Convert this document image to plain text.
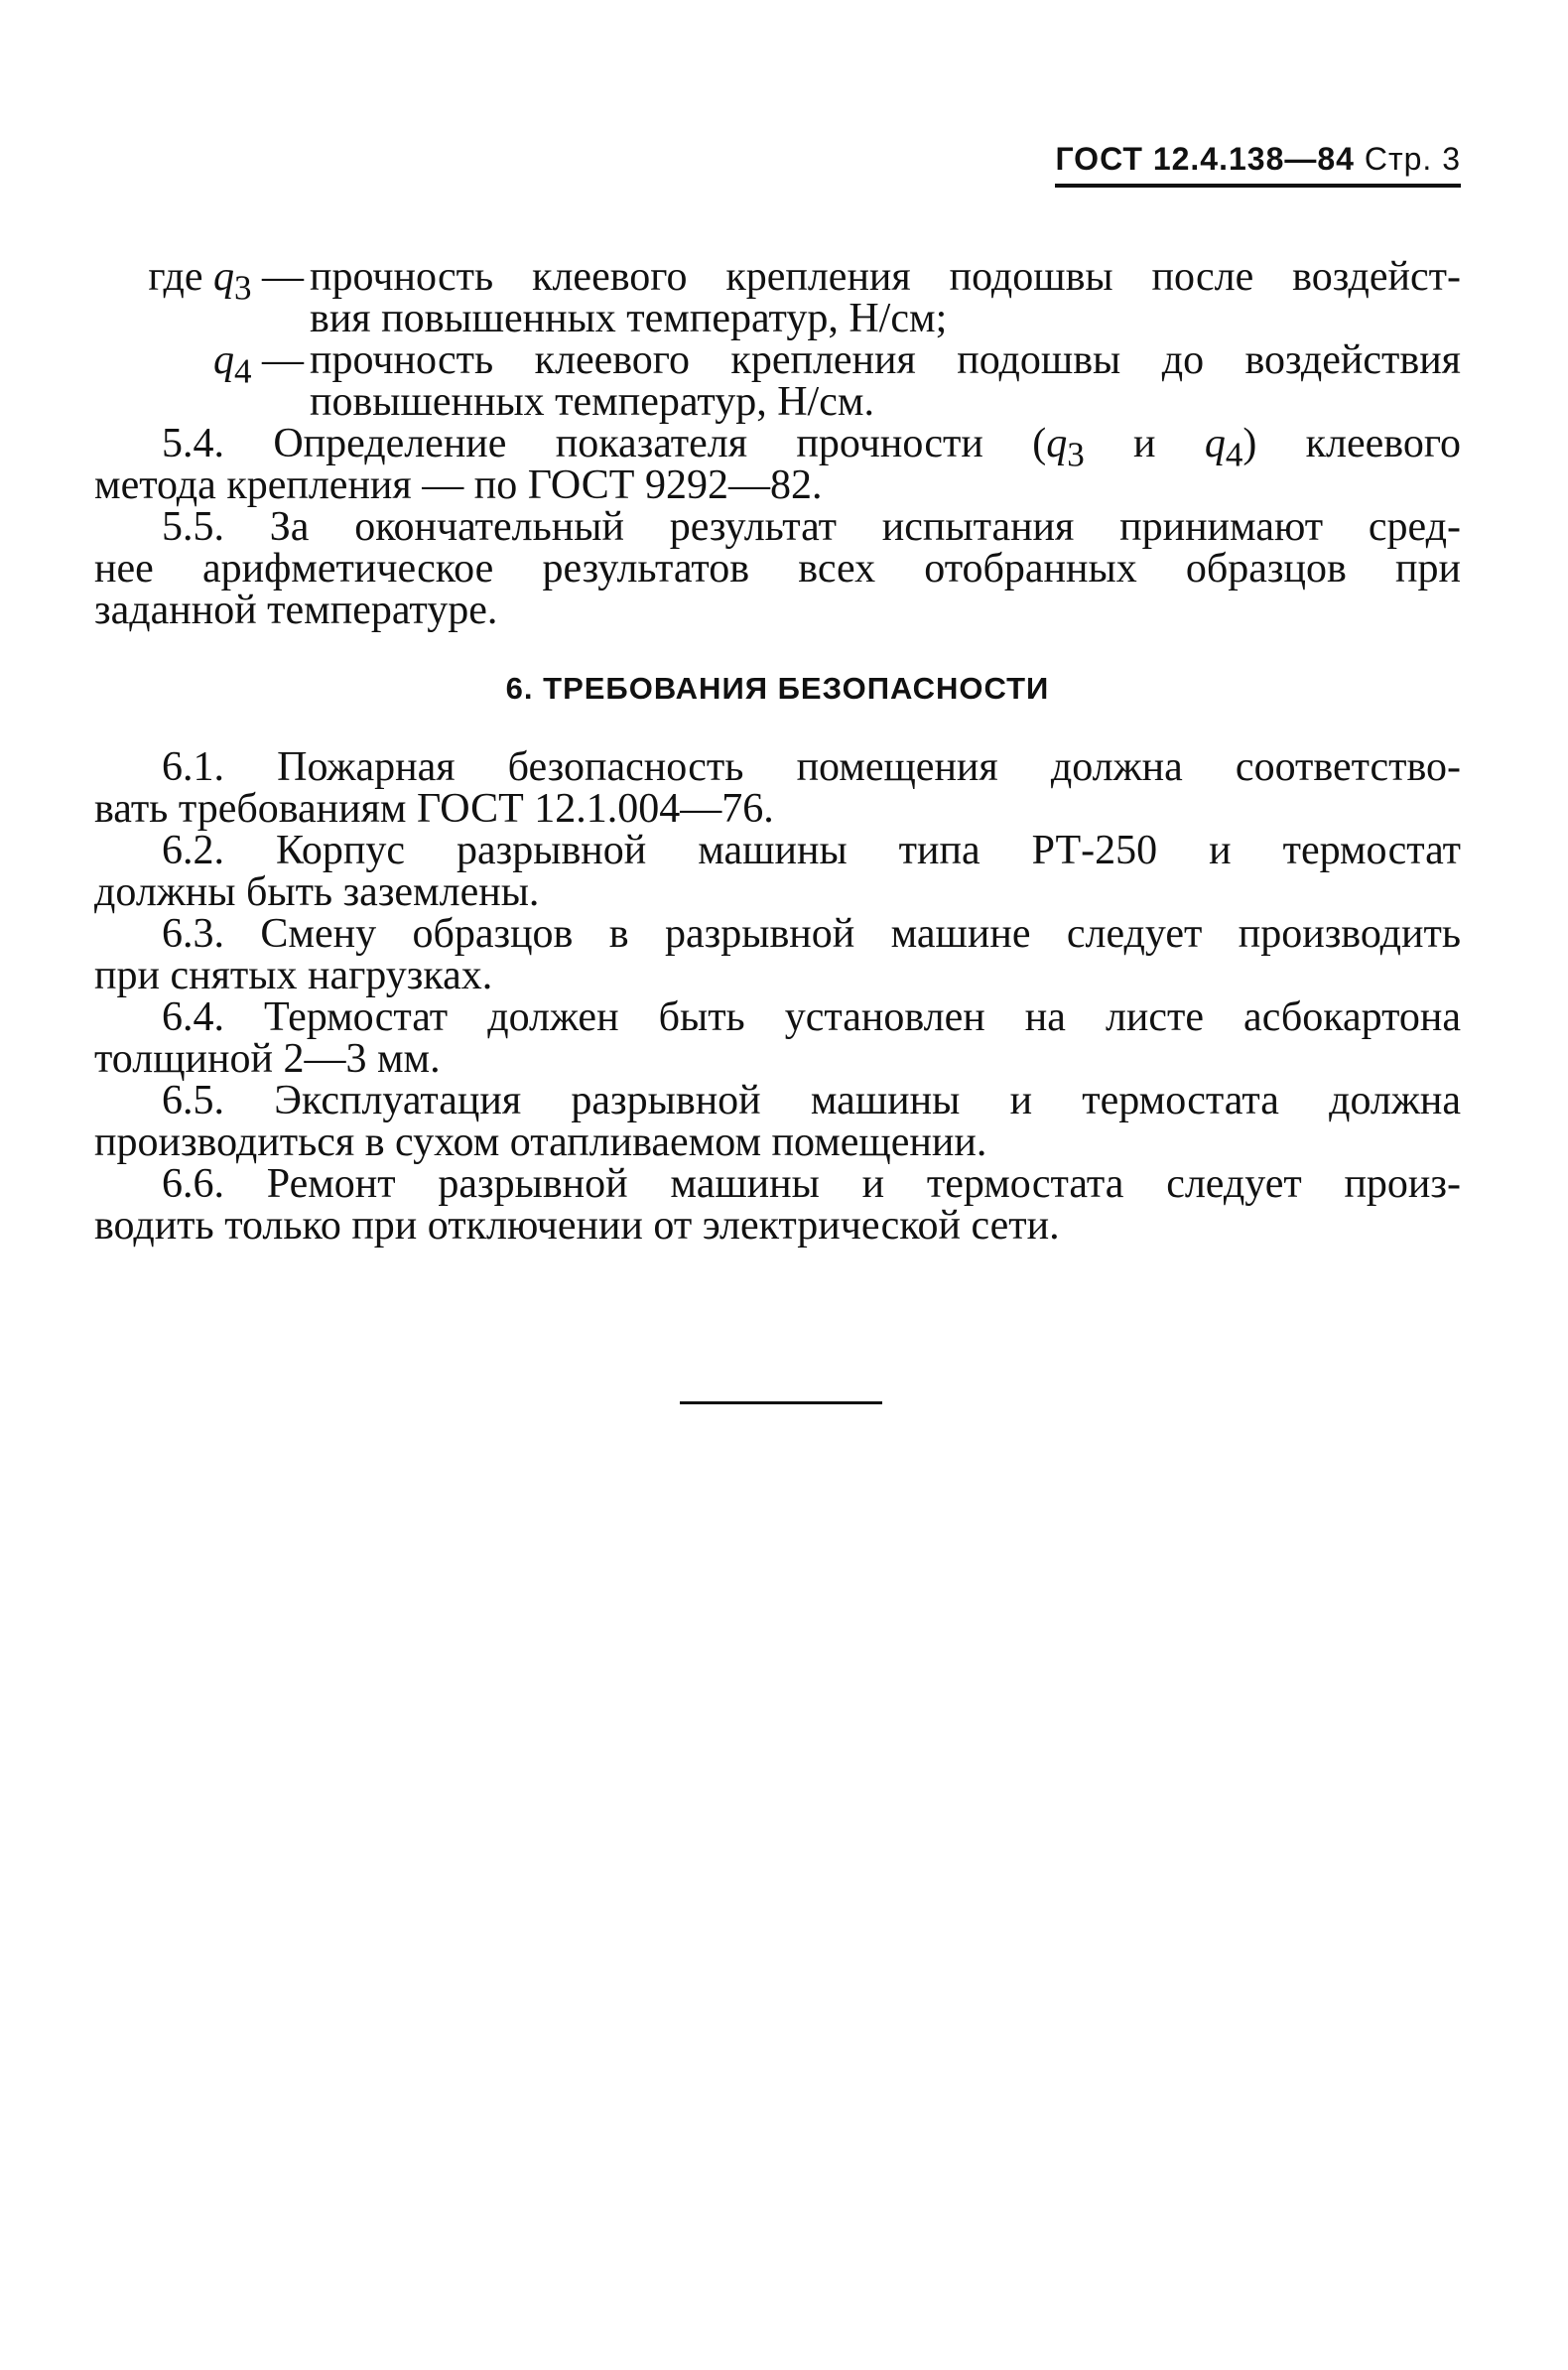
ГОСТ 12.4.138—84 Стр. 3
где $q_3$ — прочность клеевого крепления подошвы после воздейст-
вия повышенных температур, Н/см;
$q_4$ — прочность клеевого крепления подошвы до воздействия
повышенных температур, Н/см.
5.4. Определение показателя прочности ($q_3$ и $q_4$) клеевого
метода крепления — по ГОСТ 9292—82.
5.5. За окончательный результат испытания принимают сред-
нее арифметическое результатов всех отобранных образцов при
заданной температуре.
6. ТРЕБОВАНИЯ БЕЗОПАСНОСТИ
6.1. Пожарная безопасность помещения должна соответство-
вать требованиям ГОСТ 12.1.004—76.
6.2. Корпус разрывной машины типа РТ-250 и термостат
должны быть заземлены.
6.3. Смену образцов в разрывной машине следует производить
при снятых нагрузках.
6.4. Термостат должен быть установлен на листе асбокартона
толщиной 2—3 мм.
6.5. Эксплуатация разрывной машины и термостата должна
производиться в сухом отапливаемом помещении.
6.6. Ремонт разрывной машины и термостата следует произ-
водить только при отключении от электрической сети.
